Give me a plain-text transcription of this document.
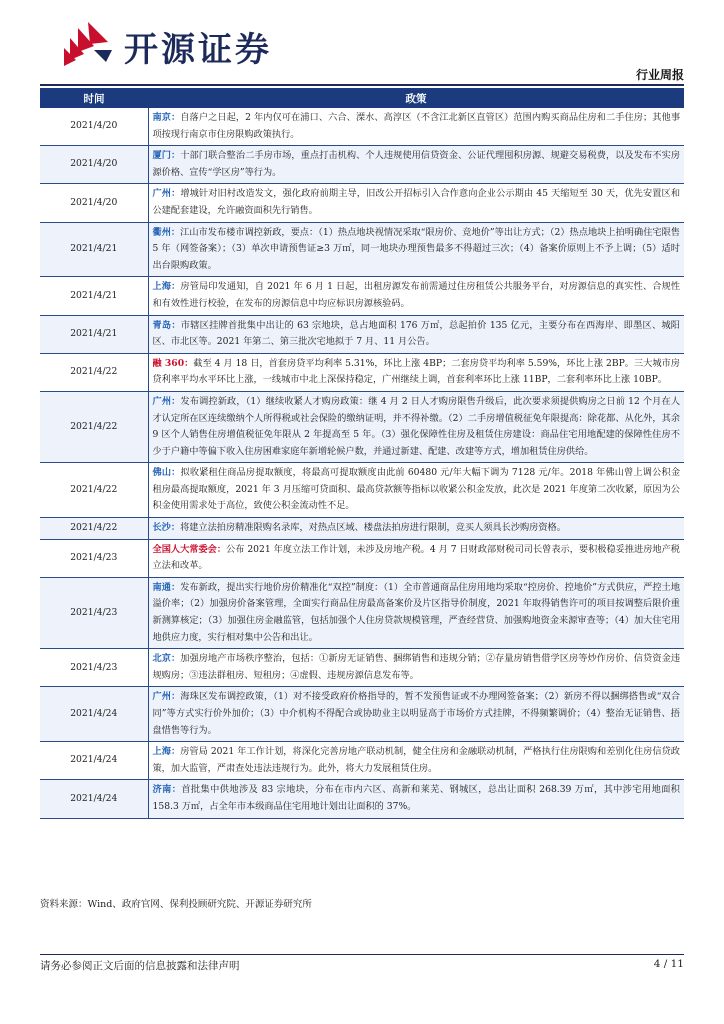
开源证券
行业周报
时间	政策
2021/4/20	南京：自落户之日起，2 年内仅可在浦口、六合、溧水、高淳区（不含江北新区直管区）范围内购买商品住房和二手住房；其他事项按现行南京市住房限购政策执行。
2021/4/20	厦门：十部门联合整治二手房市场，重点打击机构、个人违规使用信贷资金、公证代理囤积房源、规避交易税费，以及发布不实房源价格、宣传“学区房”等行为。
2021/4/20	广州：增城针对旧村改造发文，强化政府前期主导，旧改公开招标引入合作意向企业公示期由 45 天缩短至 30 天，优先安置区和公建配套建设，允许融资面积先行销售。
2021/4/21	衢州：江山市发布楼市调控新政，要点：（1）热点地块视情况采取“限房价、竞地价”等出让方式；（2）热点地块上拍明确住宅限售 5 年（网签备案）；（3）单次申请预售证≥3 万㎡，同一地块办理预售最多不得超过三次；（4）备案价原则上不予上调；（5）适时出台限购政策。
2021/4/21	上海：房管局印发通知，自 2021 年 6 月 1 日起，出租房源发布前需通过住房租赁公共服务平台，对房源信息的真实性、合规性和有效性进行校验，在发布的房源信息中均应标识房源核验码。
2021/4/21	青岛：市辖区挂牌首批集中出让的 63 宗地块，总占地面积 176 万㎡，总起拍价 135 亿元，主要分布在西海岸、即墨区、城阳区、市北区等。2021 年第二、第三批次宅地拟于 7 月、11 月公告。
2021/4/22	融 360：截至 4 月 18 日，首套房贷平均利率 5.31%，环比上涨 4BP；二套房贷平均利率 5.59%，环比上涨 2BP。三大城市房贷利率平均水平环比上涨，一线城市中北上深保持稳定，广州继续上调，首套利率环比上涨 11BP，二套利率环比上涨 10BP。
2021/4/22	广州：发布调控新政，（1）继续收紧人才购房政策：继 4 月 2 日人才购房限售升级后，此次要求须提供购房之日前 12 个月在人才认定所在区连续缴纳个人所得税或社会保险的缴纳证明，并不得补缴。（2）二手房增值税征免年限提高：除花都、从化外，其余 9 区个人销售住房增值税征免年限从 2 年提高至 5 年。（3）强化保障性住房及租赁住房建设：商品住宅用地配建的保障性住房不少于户籍中等偏下收入住房困难家庭年新增轮候户数，并通过新建、配建、改建等方式，增加租赁住房供给。
2021/4/22	佛山：拟收紧租住商品房提取额度，将最高可提取额度由此前 60480 元/年大幅下调为 7128 元/年。2018 年佛山曾上调公积金租房最高提取额度，2021 年 3 月压缩可贷面积、最高贷款额等指标以收紧公积金发放，此次是 2021 年度第二次收紧，原因为公积金使用需求处于高位，致使公积金流动性不足。
2021/4/22	长沙：将建立法拍房精准限购名录库，对热点区域、楼盘法拍房进行限制，竞买人须具长沙购房资格。
2021/4/23	全国人大常委会：公布 2021 年度立法工作计划，未涉及房地产税。4 月 7 日财政部财税司司长曾表示，要积极稳妥推进房地产税立法和改革。
2021/4/23	南通：发布新政，提出实行地价房价精准化“双控”制度：（1）全市普通商品住房用地均采取“控房价、控地价”方式供应，严控土地溢价率；（2）加强房价备案管理，全面实行商品住房最高备案价及片区指导价制度，2021 年取得销售许可的项目按调整后限价重新测算核定；（3）加强住房金融监管，包括加强个人住房贷款规模管理，严查经营贷、加强购地资金来源审查等；（4）加大住宅用地供应力度，实行相对集中公告和出让。
2021/4/23	北京：加强房地产市场秩序整治，包括：①新房无证销售、捆绑销售和违规分销；②存量房销售借学区房等炒作房价、信贷资金违规购房；③违法群租房、短租房；④虚假、违规房源信息发布等。
2021/4/24	广州：海珠区发布调控政策，（1）对不接受政府价格指导的，暂不发预售证或不办理网签备案；（2）新房不得以捆绑搭售或“双合同”等方式实行价外加价；（3）中介机构不得配合或协助业主以明显高于市场价方式挂牌，不得频繁调价；（4）整治无证销售、捂盘惜售等行为。
2021/4/24	上海：房管局 2021 年工作计划，将深化完善房地产联动机制，健全住房和金融联动机制，严格执行住房限购和差别化住房信贷政策，加大监管，严肃查处违法违规行为。此外，将大力发展租赁住房。
2021/4/24	济南：首批集中供地涉及 83 宗地块，分布在市内六区、高新和莱芜、钢城区，总出让面积 268.39 万㎡，其中涉宅用地面积 158.3 万㎡，占全年市本级商品住宅用地计划出让面积的 37%。
资料来源：Wind、政府官网、保利投顾研究院、开源证券研究所
请务必参阅正文后面的信息披露和法律声明	4 / 11
